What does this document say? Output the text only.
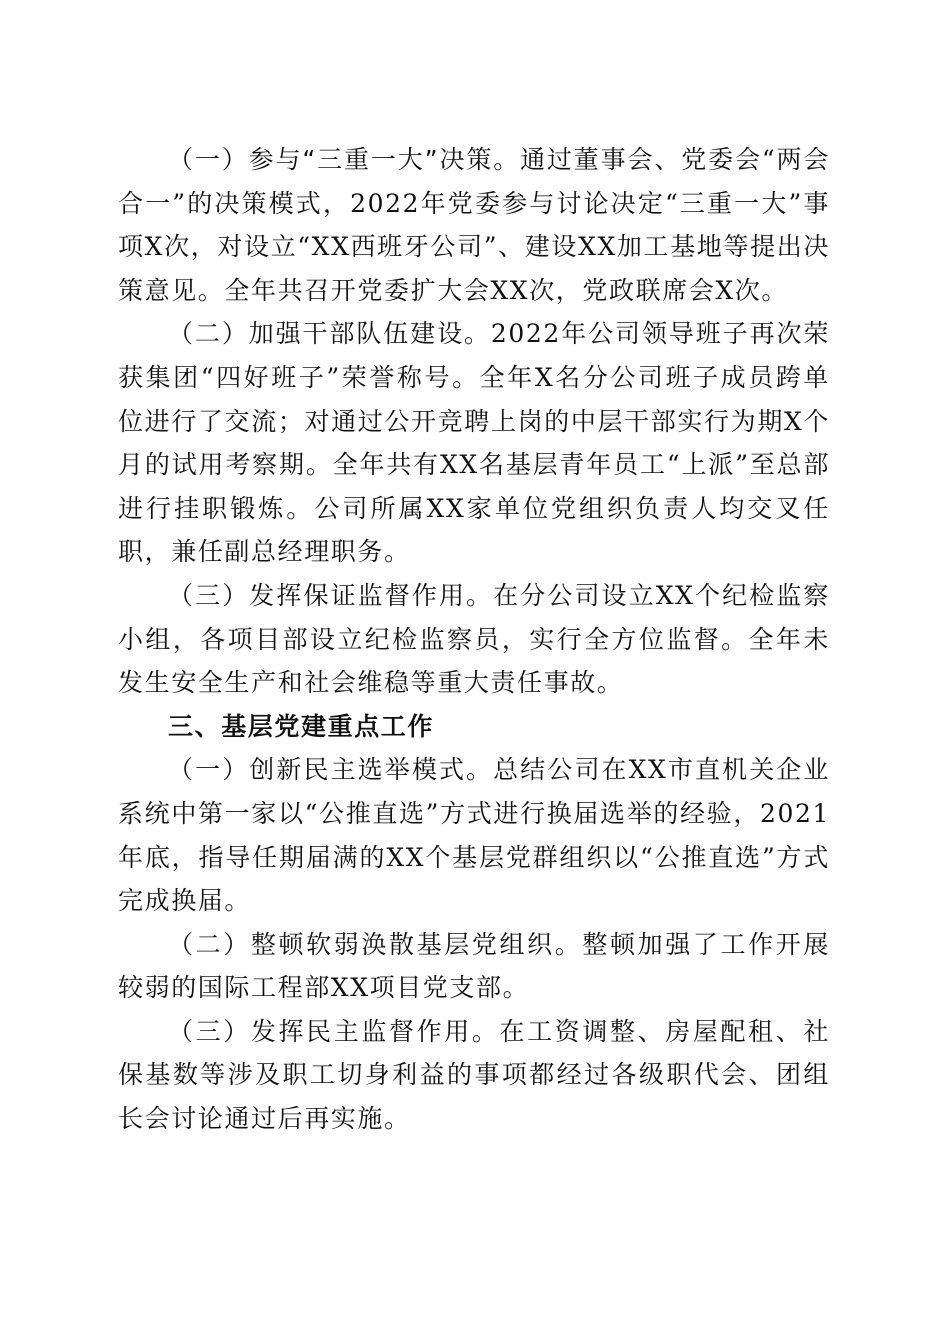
（一）参与“三重一大”决策。通过董事会、党委会“两会合一”的决策模式，2022年党委参与讨论决定“三重一大”事项X次，对设立“XX西班牙公司”、建设XX加工基地等提出决策意见。全年共召开党委扩大会XX次，党政联席会X次。

（二）加强干部队伍建设。2022年公司领导班子再次荣获集团“四好班子”荣誉称号。全年X名分公司班子成员跨单位进行了交流；对通过公开竞聘上岗的中层干部实行为期X个月的试用考察期。全年共有XX名基层青年员工“上派”至总部进行挂职锻炼。公司所属XX家单位党组织负责人均交叉任职，兼任副总经理职务。

（三）发挥保证监督作用。在分公司设立XX个纪检监察小组，各项目部设立纪检监察员，实行全方位监督。全年未发生安全生产和社会维稳等重大责任事故。

三、基层党建重点工作

（一）创新民主选举模式。总结公司在XX市直机关企业系统中第一家以“公推直选”方式进行换届选举的经验，2021年底，指导任期届满的XX个基层党群组织以“公推直选”方式完成换届。

（二）整顿软弱涣散基层党组织。整顿加强了工作开展较弱的国际工程部XX项目党支部。

（三）发挥民主监督作用。在工资调整、房屋配租、社保基数等涉及职工切身利益的事项都经过各级职代会、团组长会讨论通过后再实施。
